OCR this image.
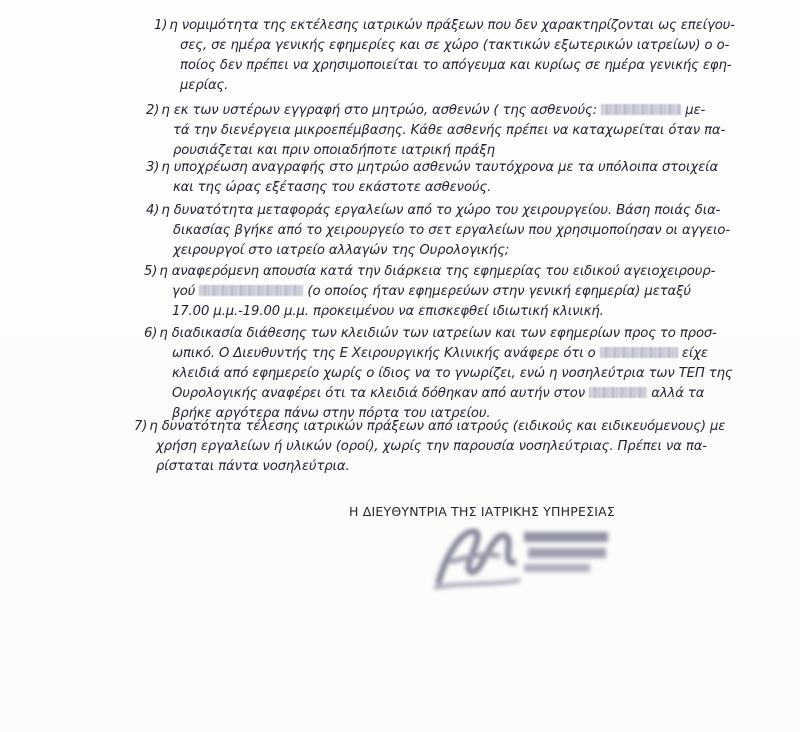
1) η νομιμότητα της εκτέλεσης ιατρικών πράξεων που δεν χαρακτηρίζονται ως επείγου-
σες, σε ημέρα γενικής εφημερίες και σε χώρο (τακτικών εξωτερικών ιατρείων) ο ο-
ποίος δεν πρέπει να χρησιμοποιείται το απόγευμα και κυρίως σε ημέρα γενικής εφη-
μερίας.
2) η εκ των υστέρων εγγραφή στο μητρώο, ασθενών ( της ασθενούς:	με-
τά την διενέργεια μικροεπέμβασης. Κάθε ασθενής πρέπει να καταχωρείται όταν πα-
ρουσιάζεται και πριν οποιαδήποτε ιατρική πράξη
3) η υποχρέωση αναγραφής στο μητρώο ασθενών ταυτόχρονα με τα υπόλοιπα στοιχεία
και της ώρας εξέτασης του εκάστοτε ασθενούς.
4) η δυνατότητα μεταφοράς εργαλείων από το χώρο του χειρουργείου. Βάση ποιάς δια-
δικασίας βγήκε από το χειρουργείο το σετ εργαλείων που χρησιμοποίησαν οι αγγειο-
χειρουργοί στο ιατρείο αλλαγών της Ουρολογικής;
5) η αναφερόμενη απουσία κατά την διάρκεια της εφημερίας του ειδικού αγειοχειρουρ-
γού	(ο οποίος ήταν εφημερεύων στην γενική εφημερία) μεταξύ
17.00 μ.μ.-19.00 μ.μ. προκειμένου να επισκεφθεί ιδιωτική κλινική.
6) η διαδικασία διάθεσης των κλειδιών των ιατρείων και των εφημερίων προς το προσ-
ωπικό. Ο Διευθυντής της Ε Χειρουργικής Κλινικής ανάφερε ότι ο	είχε
κλειδιά από εφημερείο χωρίς ο ίδιος να το γνωρίζει, ενώ η νοσηλεύτρια των ΤΕΠ της
Ουρολογικής αναφέρει ότι τα κλειδιά δόθηκαν από αυτήν στον	αλλά τα
βρήκε αργότερα πάνω στην πόρτα του ιατρείου.
7) η δυνατότητα τέλεσης ιατρικών πράξεων από ιατρούς (ειδικούς και ειδικευόμενους) με
χρήση εργαλείων ή υλικών (οροί), χωρίς την παρουσία νοσηλεύτριας. Πρέπει να πα-
ρίσταται πάντα νοσηλεύτρια.
Η ΔΙΕΥΘΥΝΤΡΙΑ ΤΗΣ ΙΑΤΡΙΚΗΣ ΥΠΗΡΕΣΙΑΣ
